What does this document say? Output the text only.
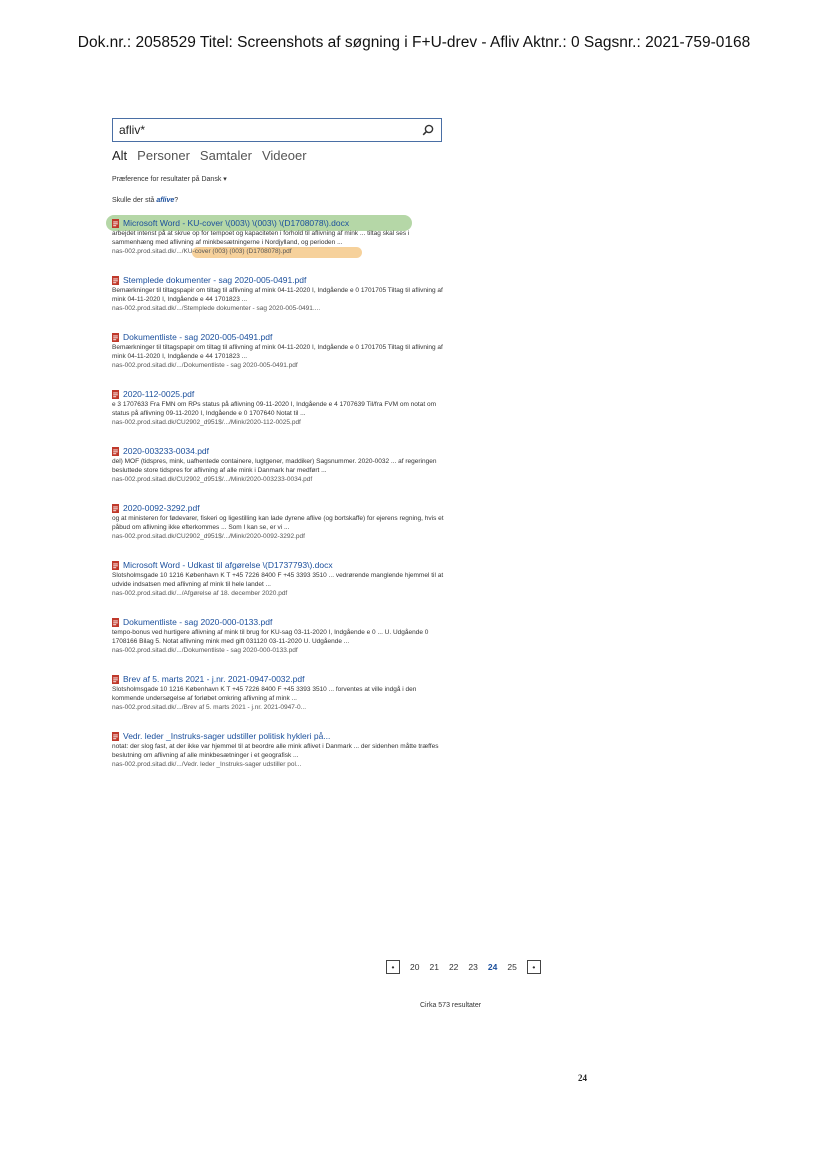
Dok.nr.: 2058529 Titel: Screenshots af søgning i F+U-drev - Afliv Aktnr.: 0 Sagsnr.: 2021-759-0168
afliv*
Alt Personer Samtaler Videoer
Præference for resultater på Dansk ▾
Skulle der stå aflive?
Microsoft Word - KU-cover \(003\) \(003\) \(D1708078\).docx
arbejdet intenst på at skrue op for tempoet og kapaciteten i forhold til aflivning af mink ... tiltag skal ses i sammenhæng med aflivning af minkbesætningerne i Nordjylland, og perioden ...
nas-002.prod.sitad.dk/.../KU-cover (003) (003) (D1708078).pdf
Stemplede dokumenter - sag 2020-005-0491.pdf
Bemærkninger til tiltagspapir om tiltag til aflivning af mink 04-11-2020 I, Indgående e 0 1701705 Tiltag til aflivning af mink 04-11-2020 I, Indgående e 44 1701823 ...
nas-002.prod.sitad.dk/.../Stemplede dokumenter - sag 2020-005-0491....
Dokumentliste - sag 2020-005-0491.pdf
Bemærkninger til tiltagspapir om tiltag til aflivning af mink 04-11-2020 I, Indgående e 0 1701705 Tiltag til aflivning af mink 04-11-2020 I, Indgående e 44 1701823 ...
nas-002.prod.sitad.dk/.../Dokumentliste - sag 2020-005-0491.pdf
2020-112-0025.pdf
e 3 1707633 Fra FMN om RPs status på aflivning 09-11-2020 I, Indgående e 4 1707639 Til/fra FVM om notat om status på aflivning 09-11-2020 I, Indgående e 0 1707640 Notat til ...
nas-002.prod.sitad.dk/CU2902_d951$/.../Mink/2020-112-0025.pdf
2020-003233-0034.pdf
del) MOF (tidspres, mink, uafhentede containere, lugtgener, maddiker) Sagsnummer. 2020-0032 ... af regeringen besluttede store tidspres for aflivning af alle mink i Danmark har medført ...
nas-002.prod.sitad.dk/CU2902_d951$/.../Mink/2020-003233-0034.pdf
2020-0092-3292.pdf
og at ministeren for fødevarer, fiskeri og ligestilling kan lade dyrene aflive (og bortskaffe) for ejerens regning, hvis et påbud om aflivning ikke efterkommes ... Som I kan se, er vi ...
nas-002.prod.sitad.dk/CU2902_d951$/.../Mink/2020-0092-3292.pdf
Microsoft Word - Udkast til afgørelse \(D1737793\).docx
Slotsholmsgade 10 1216 København K T +45 7226 8400 F +45 3393 3510 ... vedrørende manglende hjemmel til at udvide indsatsen med aflivning af mink til hele landet ...
nas-002.prod.sitad.dk/.../Afgørelse af 18. december 2020.pdf
Dokumentliste - sag 2020-000-0133.pdf
tempo-bonus ved hurtigere aflivning af mink til brug for KU-sag 03-11-2020 I, Indgående e 0 ... U. Udgående 0 1708166 Bilag 5. Notat aflivning mink med gift 031120 03-11-2020 U. Udgående ...
nas-002.prod.sitad.dk/.../Dokumentliste - sag 2020-000-0133.pdf
Brev af 5. marts 2021 - j.nr. 2021-0947-0032.pdf
Slotsholmsgade 10 1216 København K T +45 7226 8400 F +45 3393 3510 ... forventes at ville indgå i den kommende undersøgelse af forløbet omkring aflivning af mink ...
nas-002.prod.sitad.dk/.../Brev af 5. marts 2021 - j.nr. 2021-0947-0...
Vedr. leder _Instruks-sager udstiller politisk hykleri på...
notat: der slog fast, at der ikke var hjemmel til at beordre alle mink aflivet i Danmark ... der sidenhen måtte træffes beslutning om aflivning af alle minkbesætninger i et geografisk ...
nas-002.prod.sitad.dk/.../Vedr. leder _Instruks-sager udstiller pol...
•	20 21 22 23 24 25	•
Cirka 573 resultater
24
